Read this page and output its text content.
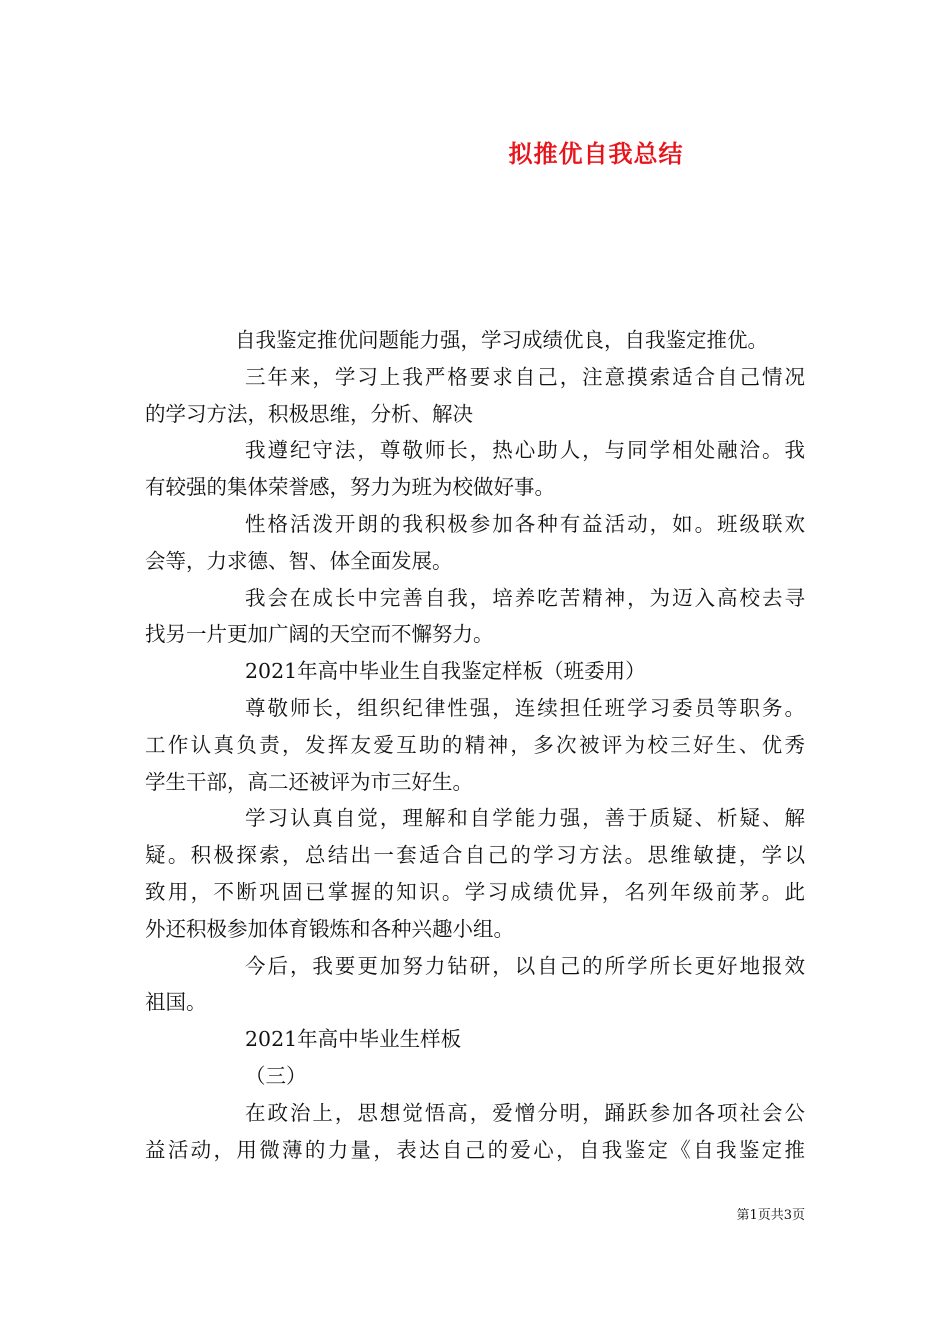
拟推优自我总结
自我鉴定推优问题能力强，学习成绩优良，自我鉴定推优。
三年来，学习上我严格要求自己，注意摸索适合自己情况
的学习方法，积极思维，分析、解决
我遵纪守法，尊敬师长，热心助人，与同学相处融洽。我
有较强的集体荣誉感，努力为班为校做好事。
性格活泼开朗的我积极参加各种有益活动，如。班级联欢
会等，力求德、智、体全面发展。
我会在成长中完善自我，培养吃苦精神，为迈入高校去寻
找另一片更加广阔的天空而不懈努力。
2021年高中毕业生自我鉴定样板（班委用）
尊敬师长，组织纪律性强，连续担任班学习委员等职务。
工作认真负责，发挥友爱互助的精神，多次被评为校三好生、优秀
学生干部，高二还被评为市三好生。
学习认真自觉，理解和自学能力强，善于质疑、析疑、解
疑。积极探索，总结出一套适合自己的学习方法。思维敏捷，学以
致用，不断巩固已掌握的知识。学习成绩优异，名列年级前茅。此
外还积极参加体育锻炼和各种兴趣小组。
今后，我要更加努力钻研，以自己的所学所长更好地报效
祖国。
2021年高中毕业生样板
（三）
在政治上，思想觉悟高，爱憎分明，踊跃参加各项社会公
益活动，用微薄的力量，表达自己的爱心，自我鉴定《自我鉴定推
第1页共3页
